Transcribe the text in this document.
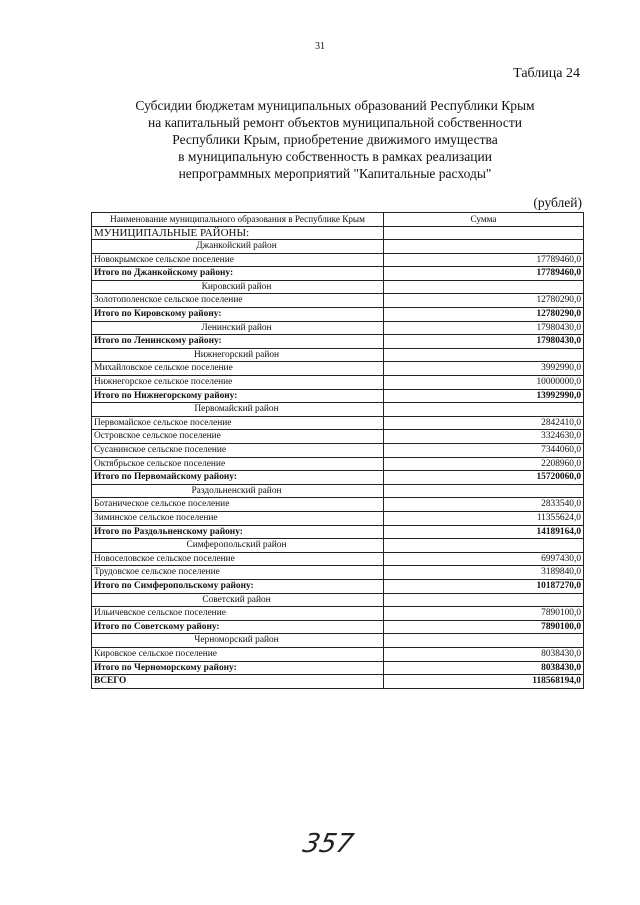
31
Таблица 24
Субсидии бюджетам муниципальных образований Республики Крым
на капитальный ремонт объектов муниципальной собственности
Республики Крым, приобретение движимого имущества
в муниципальную собственность в рамках реализации
непрограммных мероприятий "Капитальные расходы"
(рублей)
Наименование муниципального образования в Республике Крым	Сумма
МУНИЦИПАЛЬНЫЕ РАЙОНЫ:	
Джанкойский район	
Новокрымское сельское поселение	17789460,0
Итого по Джанкойскому району:	17789460,0
Кировский район	
Золотополенское сельское поселение	12780290,0
Итого по Кировскому району:	12780290,0
Ленинский район	17980430,0
Итого по Ленинскому району:	17980430,0
Нижнегорский район	
Михайловское сельское поселение	3992990,0
Нижнегорское сельское поселение	10000000,0
Итого по Нижнегорскому району:	13992990,0
Первомайский район	
Первомайское сельское поселение	2842410,0
Островское сельское поселение	3324630,0
Сусанинское сельское поселение	7344060,0
Октябрьское сельское поселение	2208960,0
Итого по Первомайскому району:	15720060,0
Раздольненский район	
Ботаническое сельское поселение	2833540,0
Зиминское сельское поселение	11355624,0
Итого по Раздольненскому району:	14189164,0
Симферопольский район	
Новоселовское сельское поселение	6997430,0
Трудовское сельское поселение	3189840,0
Итого по Симферопольскому району:	10187270,0
Советский район	
Ильичевское сельское поселение	7890100,0
Итого по Советскому району:	7890100,0
Черноморский район	
Кировское сельское поселение	8038430,0
Итого по Черноморскому району:	8038430,0
ВСЕГО	118568194,0
357
